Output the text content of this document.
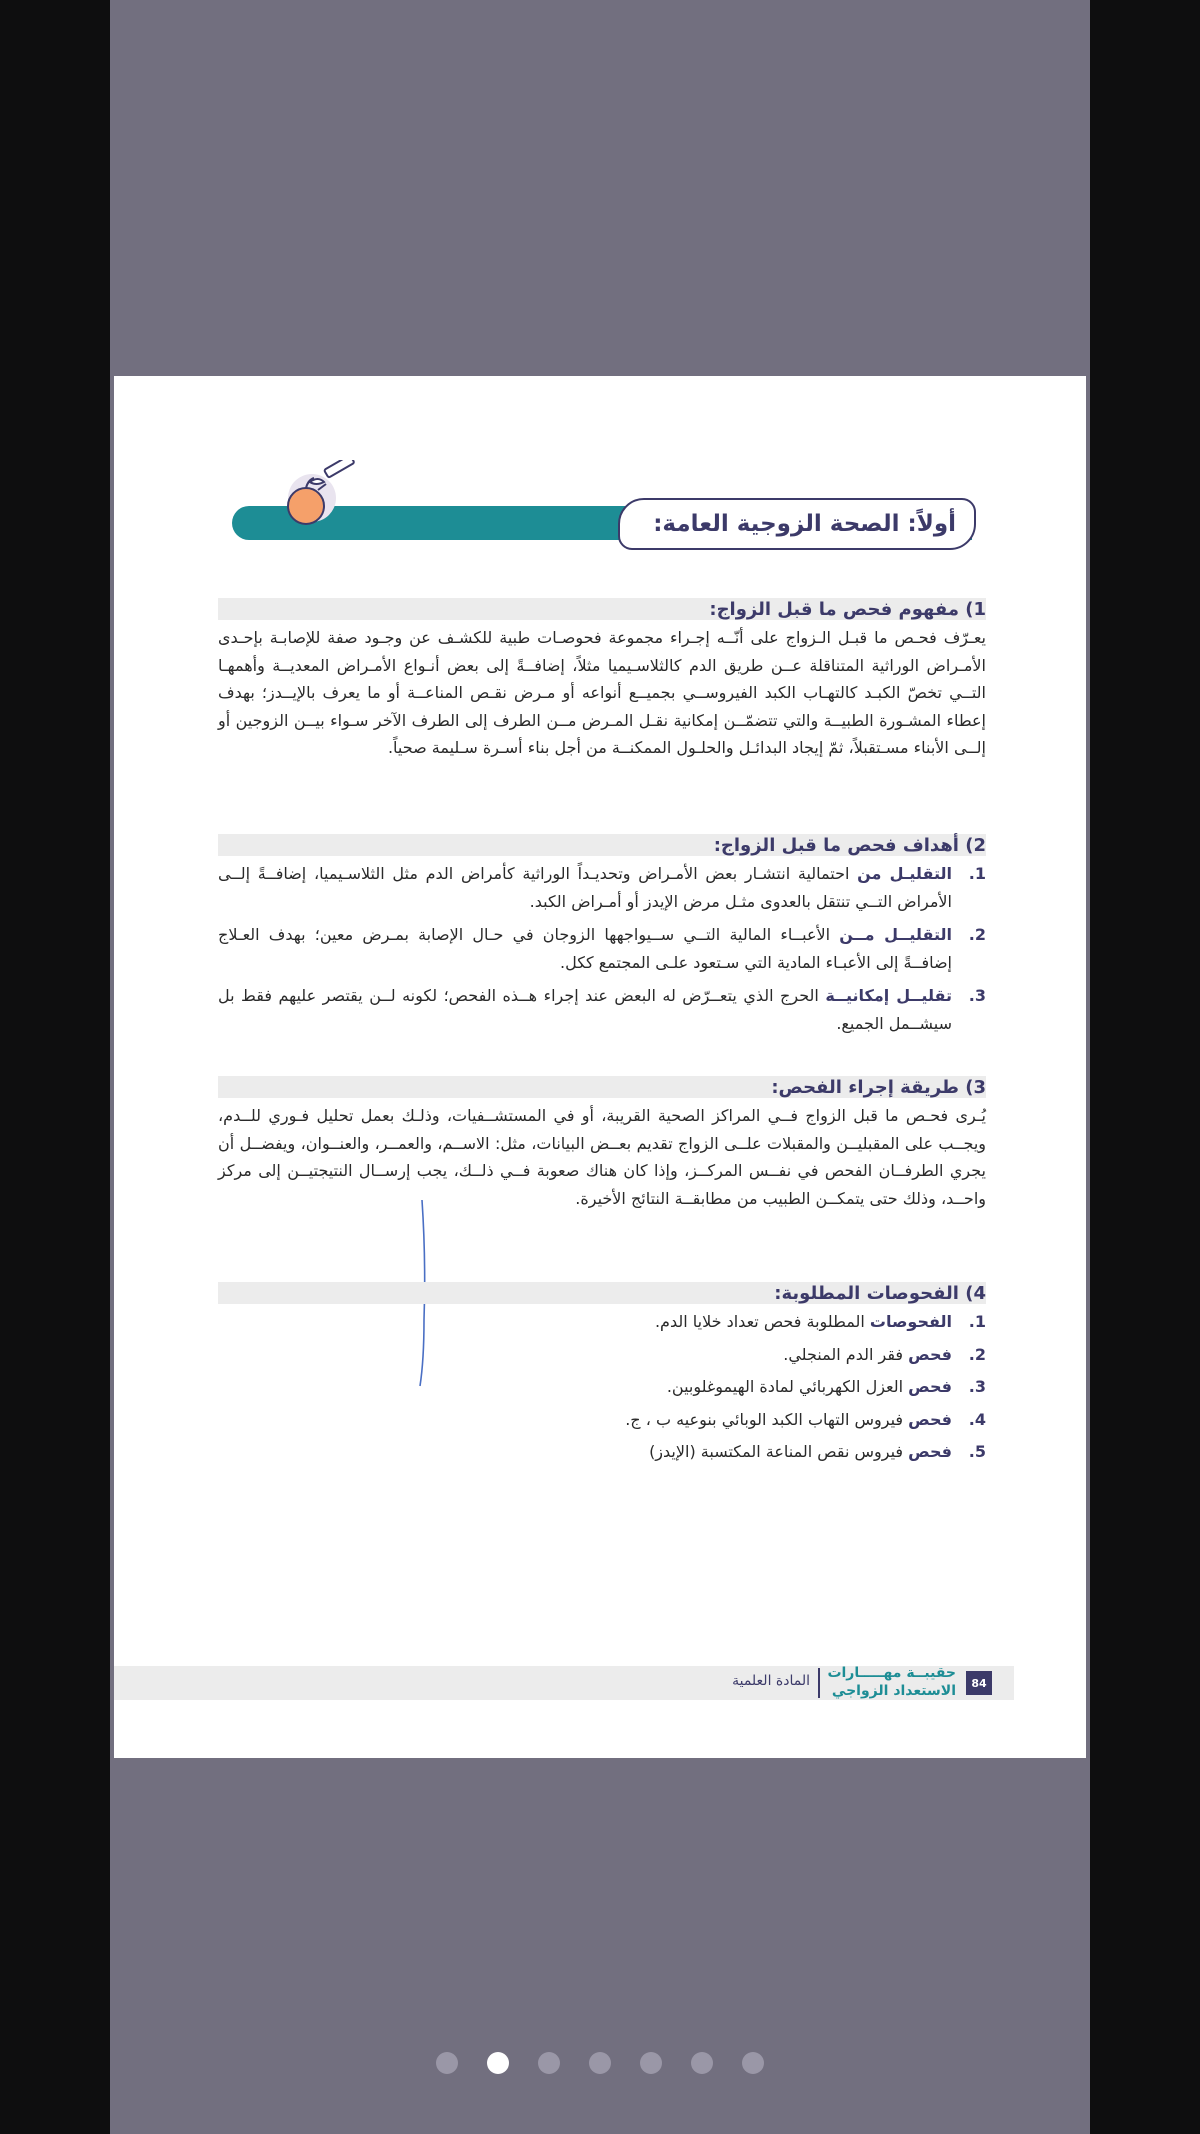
أولاً: الصحة الزوجية العامة:
1) مفهوم فحص ما قبل الزواج:
يعـرّف فحـص ما قبـل الـزواج على أنّــه إجـراء مجموعة فحوصـات طبية للكشـف عن وجـود صفة للإصابـة بإحـدى الأمـراض الوراثية المتناقلة عــن طريق الدم كالثلاسـيميا مثلاً، إضافــةً إلى بعض أنـواع الأمـراض المعديــة وأهمهـا التــي تخصّ الكبـد كالتهـاب الكبد الفيروســي بجميــع أنواعه أو مـرض نقـص المناعــة أو ما يعرف بالإيــدز؛ بهدف إعطاء المشـورة الطبيــة والتي تتضمّــن إمكانية نقـل المـرض مــن الطرف إلى الطرف الآخر سـواء بيــن الزوجين أو إلــى الأبناء مسـتقبلاً، ثمّ إيجاد البدائـل والحلـول الممكنــة من أجل بناء أسـرة سـليمة صحياً.
2) أهداف فحص ما قبل الزواج:
1.
التقليـل من احتمالية انتشـار بعض الأمـراض وتحديـداً الوراثية كأمراض الدم مثل الثلاسـيميا، إضافــةً إلــى الأمراض التــي تنتقل بالعدوى مثـل مرض الإيدز أو أمـراض الكبد.
2.
التقليــل مــن الأعبــاء المالية التــي ســيواجهها الزوجان في حـال الإصابة بمـرض معين؛ بهدف العـلاج إضافــةً إلى الأعبـاء المادية التي سـتعود علـى المجتمع ككل.
3.
تقليــل إمكانيــة الحرج الذي يتعــرّض له البعض عند إجراء هــذه الفحص؛ لكونه لــن يقتصر عليهم فقط بل سيشــمل الجميع.
3) طريقة إجراء الفحص:
يُـرى فحـص ما قبل الزواج فــي المراكز الصحية القريبة، أو في المستشــفيات، وذلـك بعمل تحليل فـوري للــدم، ويجــب على المقبليــن والمقبلات علــى الزواج تقديم بعــض البيانات، مثل: الاســم، والعمــر، والعنــوان، ويفضــل أن يجري الطرفــان الفحص في نفــس المركــز، وإذا كان هناك صعوبة فــي ذلــك، يجب إرســال النتيجتيــن إلى مركز واحــد، وذلك حتى يتمكــن الطبيب من مطابقــة النتائج الأخيرة.
4) الفحوصات المطلوبة:
1.
الفحوصات المطلوبة فحص تعداد خلايا الدم.
2.
فحص فقر الدم المنجلي.
3.
فحص العزل الكهربائي لمادة الهيموغلوبين.
4.
فحص فيروس التهاب الكبد الوبائي بنوعيه ب ، ج.
5.
فحص فيروس نقص المناعة المكتسبة (الإيدز)
84
حقيبــة مهـــــارات
الاستعداد الزواجي
المادة العلمية
